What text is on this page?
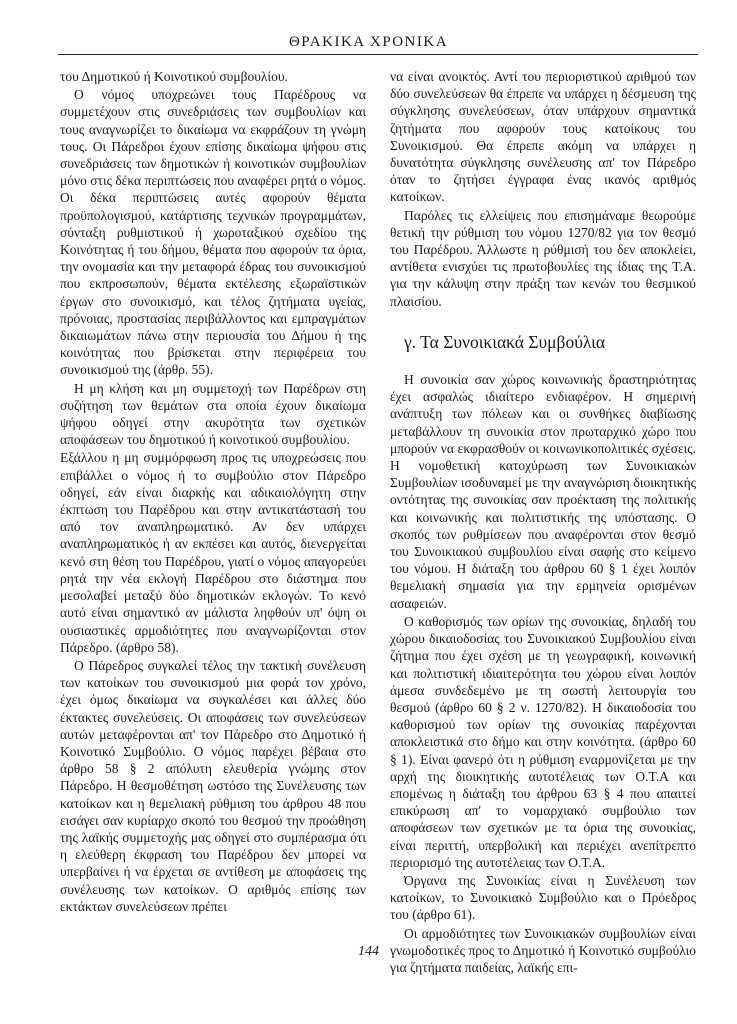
ΘΡΑΚΙΚΑ ΧΡΟΝΙΚΑ

του Δημοτικού ή Κοινοτικού συμβουλίου.

Ο νόμος υποχρεώνει τους Παρέδρους να συμμετέχουν στις συνεδριάσεις των συμβουλίων και τους αναγνωρίζει το δικαίωμα να εκφράζουν τη γνώμη τους. Οι Πάρεδροι έχουν επίσης δικαίωμα ψήφου στις συνεδριάσεις των δημοτικών ή κοινοτικών συμβουλίων μόνο στις δέκα περιπτώσεις που αναφέρει ρητά ο νόμος. Οι δέκα περιπτώσεις αυτές αφορούν θέματα προϋπολογισμού, κατάρτισης τεχνικών προγραμμάτων, σύνταξη ρυθμιστικού ή χωροταξικού σχεδίου της Κοινότητας ή του δήμου, θέματα που αφορούν τα όρια, την ονομασία και την μεταφορά έδρας του συνοικισμού που εκπροσωπούν, θέματα εκτέλεσης εξωραϊστικών έργων στο συνοικισμό, και τέλος ζητήματα υγείας, πρόνοιας, προστασίας περιβάλλοντος και εμπραγμάτων δικαιωμάτων πάνω στην περιουσία του Δήμου ή της κοινότητας που βρίσκεται στην περιφέρεια του συνοικισμού της (άρθρ. 55).

Η μη κλήση και μη συμμετοχή των Παρέδρων στη συζήτηση των θεμάτων στα οποία έχουν δικαίωμα ψήφου οδηγεί στην ακυρότητα των σχετικών αποφάσεων του δημοτικού ή κοινοτικού συμβουλίου.

Εξάλλου η μη συμμόρφωση προς τις υποχρεώσεις που επιβάλλει ο νόμος ή το συμβούλιο στον Πάρεδρο οδηγεί, εάν είναι διαρκής και αδικαιολόγητη στην έκπτωση του Παρέδρου και στην αντικατάστασή του από τον αναπληρωματικό. Αν δεν υπάρχει αναπληρωματικός ή αν εκπέσει και αυτός, διενεργείται κενό στη θέση του Παρέδρου, γιατί ο νόμος απαγορεύει ρητά την νέα εκλογή Παρέδρου στο διάστημα που μεσολαβεί μεταξύ δύο δημοτικών εκλογών. Το κενό αυτό είναι σημαντικό αν μάλιστα ληφθούν υπ' όψη οι ουσιαστικές αρμοδιότητες που αναγνωρίζονται στον Πάρεδρο. (άρθρο 58).

Ο Πάρεδρος συγκαλεί τέλος την τακτική συνέλευση των κατοίκων του συνοικισμού μια φορά τον χρόνο, έχει όμως δικαίωμα να συγκαλέσει και άλλες δύο έκτακτες συνελεύσεις. Οι αποφάσεις των συνελεύσεων αυτών μεταφέρονται απ' τον Πάρεδρο στο Δημοτικό ή Κοινοτικό Συμβούλιο. Ο νόμος παρέχει βέβαια στο άρθρο 58 § 2 απόλυτη ελευθερία γνώμης στον Πάρεδρο. Η θεσμοθέτηση ωστόσο της Συνέλευσης των κατοίκων και η θεμελιακή ρύθμιση του άρθρου 48 που εισάγει σαν κυρίαρχο σκοπό του θεσμού την προώθηση της λαϊκής συμμετοχής μας οδηγεί στο συμπέρασμα ότι η ελεύθερη έκφραση του Παρέδρου δεν μπορεί να υπερβαίνει ή να έρχεται σε αντίθεση με αποφάσεις της συνέλευσης των κατοίκων. Ο αριθμός επίσης των εκτάκτων συνελεύσεων πρέπει

να είναι ανοικτός. Αντί του περιοριστικού αριθμού των δύο συνελεύσεων θα έπρεπε να υπάρχει η δέσμευση της σύγκλησης συνελεύσεων, όταν υπάρχουν σημαντικά ζητήματα που αφορούν τους κατοίκους του Συνοικισμού. Θα έπρεπε ακόμη να υπάρχει η δυνατότητα σύγκλησης συνέλευσης απ' τον Πάρεδρο όταν το ζητήσει έγγραφα ένας ικανός αριθμός κατοίκων.

Παρόλες τις ελλείψεις που επισημάναμε θεωρούμε θετική την ρύθμιση του νόμου 1270/82 για τον θεσμό του Παρέδρου. Άλλωστε η ρύθμισή του δεν αποκλείει, αντίθετα ενισχύει τις πρωτοβουλίες της ίδιας της Τ.Α. για την κάλυψη στην πράξη των κενών του θεσμικού πλαισίου.

γ. Τα Συνοικιακά Συμβούλια

Η συνοικία σαν χώρος κοινωνικής δραστηριότητας έχει ασφαλώς ιδιαίτερο ενδιαφέρον. Η σημερινή ανάπτυξη των πόλεων και οι συνθήκες διαβίωσης μεταβάλλουν τη συνοικία στον πρωταρχικό χώρο που μπορούν να εκφρασθούν οι κοινωνικοπολιτικές σχέσεις. Η νομοθετική κατοχύρωση των Συνοικιακών Συμβουλίων ισοδυναμεί με την αναγνώριση διοικητικής οντότητας της συνοικίας σαν προέκταση της πολιτικής και κοινωνικής και πολιτιστικής της υπόστασης. Ο σκοπός των ρυθμίσεων που αναφέρονται στον θεσμό του Συνοικιακού συμβουλίου είναι σαφής στο κείμενο του νόμου. Η διάταξη του άρθρου 60 § 1 έχει λοιπόν θεμελιακή σημασία για την ερμηνεία ορισμένων ασαφειών.

Ο καθορισμός των ορίων της συνοικίας, δηλαδή του χώρου δικαιοδοσίας του Συνοικιακού Συμβουλίου είναι ζήτημα που έχει σχέση με τη γεωγραφική, κοινωνική και πολιτιστική ιδιαιτερότητα του χώρου είναι λοιπόν άμεσα συνδεδεμένο με τη σωστή λειτουργία του θεσμού (άρθρο 60 § 2 ν. 1270/82). Η δικαιοδοσία του καθορισμού των ορίων της συνοικίας παρέχονται αποκλειστικά στο δήμο και στην κοινότητα. (άρθρο 60 § 1). Είναι φανερό ότι η ρύθμιση εναρμονίζεται με την αρχή της διοικητικής αυτοτέλειας των Ο.Τ.Α και επομένως η διάταξη του άρθρου 63 § 4 που απαιτεί επικύρωση απ' το νομαρχιακό συμβούλιο των αποφάσεων των σχετικών με τα όρια της συνοικίας, είναι περιττή, υπερβολική και περιέχει ανεπίτρεπτο περιορισμό της αυτοτέλειας των Ο.Τ.Α.

Όργανα της Συνοικίας είναι η Συνέλευση των κατοίκων, το Συνοικιακό Συμβούλιο και ο Πρόεδρος του (άρθρο 61).

Οι αρμοδιότητες των Συνοικιακών συμβουλίων είναι γνωμοδοτικές προς το Δημοτικό ή Κοινοτικό συμβούλιο για ζητήματα παιδείας, λαϊκής επι-

144
